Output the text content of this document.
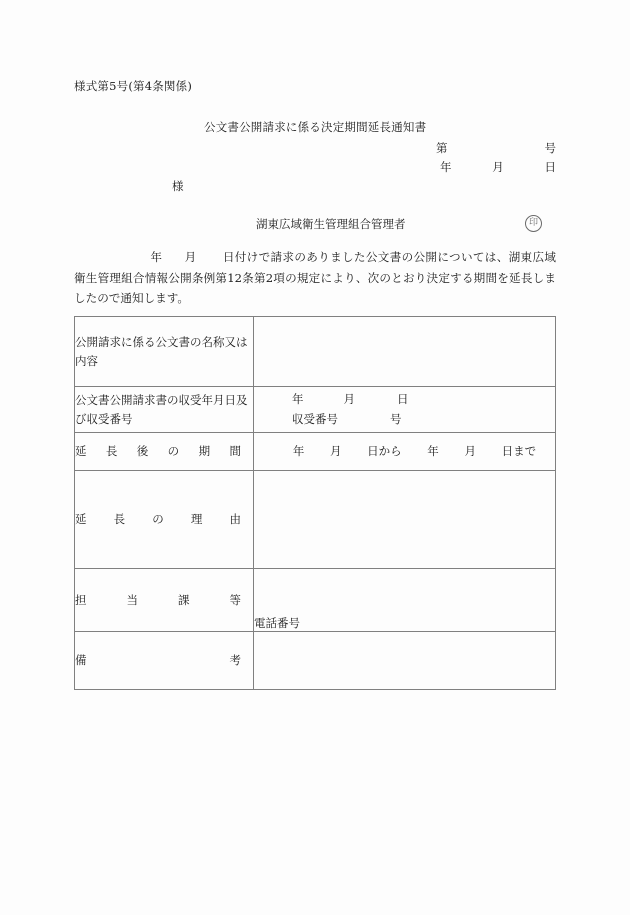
様式第5号(第4条関係)
公文書公開請求に係る決定期間延長通知書
第	号
年	月	日
様
湖東広域衛生管理組合管理者	印
年 月 日付けで請求のありました公文書の公開については、湖東広域衛生管理組合情報公開条例第12条第2項の規定により、次のとおり決定する期間を延長しましたので通知します。
公開請求に係る公文書の名称又は内容	
公文書公開請求書の収受年月日及び収受番号	年 月 日
収受番号 号

延 長 後 の 期 間	年 月 日から 年 月 日まで

延 長 の 理 由	

担 当 課 等	電話番号

備 考	
